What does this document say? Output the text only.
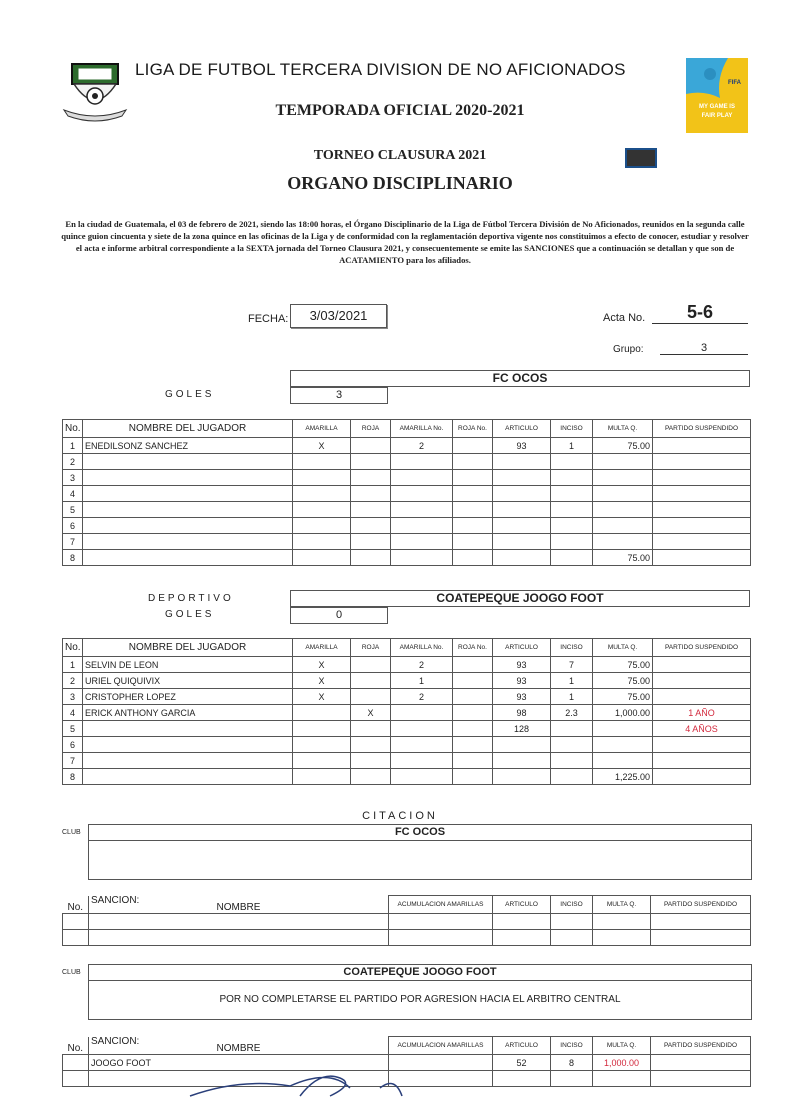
LIGA DE FUTBOL TERCERA DIVISION DE NO AFICIONADOS
FIFA
MY GAME IS
FAIR PLAY
TEMPORADA OFICIAL 2020-2021
TORNEO CLAUSURA 2021
ORGANO DISCIPLINARIO
En la ciudad de Guatemala, el 03 de febrero de 2021, siendo las 18:00 horas, el Órgano Disciplinario de la Liga de Fútbol Tercera División de No Aficionados, reunidos en la segunda calle quince guion cincuenta y siete de la zona quince en las oficinas de la Liga y de conformidad con la reglamentación deportiva vigente nos constituimos a efecto de conocer, estudiar y resolver el acta e informe arbitral correspondiente a la SEXTA jornada del Torneo Clausura 2021, y consecuentemente se emite las SANCIONES que a continuación se detallan y que son de ACATAMIENTO para los afiliados.
FECHA:	3/03/2021	Acta No.	5-6
Grupo:	3
FC OCOS
GOLES	3
No.	NOMBRE DEL JUGADOR	AMARILLA	ROJA	AMARILLA No.	ROJA No.	ARTICULO	INCISO	MULTA Q.	PARTIDO SUSPENDIDO
1	ENEDILSONZ SANCHEZ	X		2		93	1	75.00	
2									
3									
4									
5									
6									
7									
8								75.00	
DEPORTIVO	COATEPEQUE JOOGO FOOT
GOLES	0
No.	NOMBRE DEL JUGADOR	AMARILLA	ROJA	AMARILLA No.	ROJA No.	ARTICULO	INCISO	MULTA Q.	PARTIDO SUSPENDIDO
1	SELVIN DE LEON	X		2		93	7	75.00	
2	URIEL QUIQUIVIX	X		1		93	1	75.00	
3	CRISTOPHER LOPEZ	X		2		93	1	75.00	
4	ERICK ANTHONY GARCIA		X			98	2.3	1,000.00	1 AÑO
5						128			4 AÑOS
6									
7									
8								1,225.00	
CITACION
CLUB	FC OCOS
SANCION:
No.	NOMBRE	ACUMULACION AMARILLAS	ARTICULO	INCISO	MULTA Q.	PARTIDO SUSPENDIDO

CLUB	COATEPEQUE JOOGO FOOT
POR NO COMPLETARSE EL PARTIDO POR AGRESION HACIA EL ARBITRO CENTRAL
SANCION:
No.	NOMBRE	ACUMULACION AMARILLAS	ARTICULO	INCISO	MULTA Q.	PARTIDO SUSPENDIDO
	JOOGO FOOT		52	8	1,000.00	
